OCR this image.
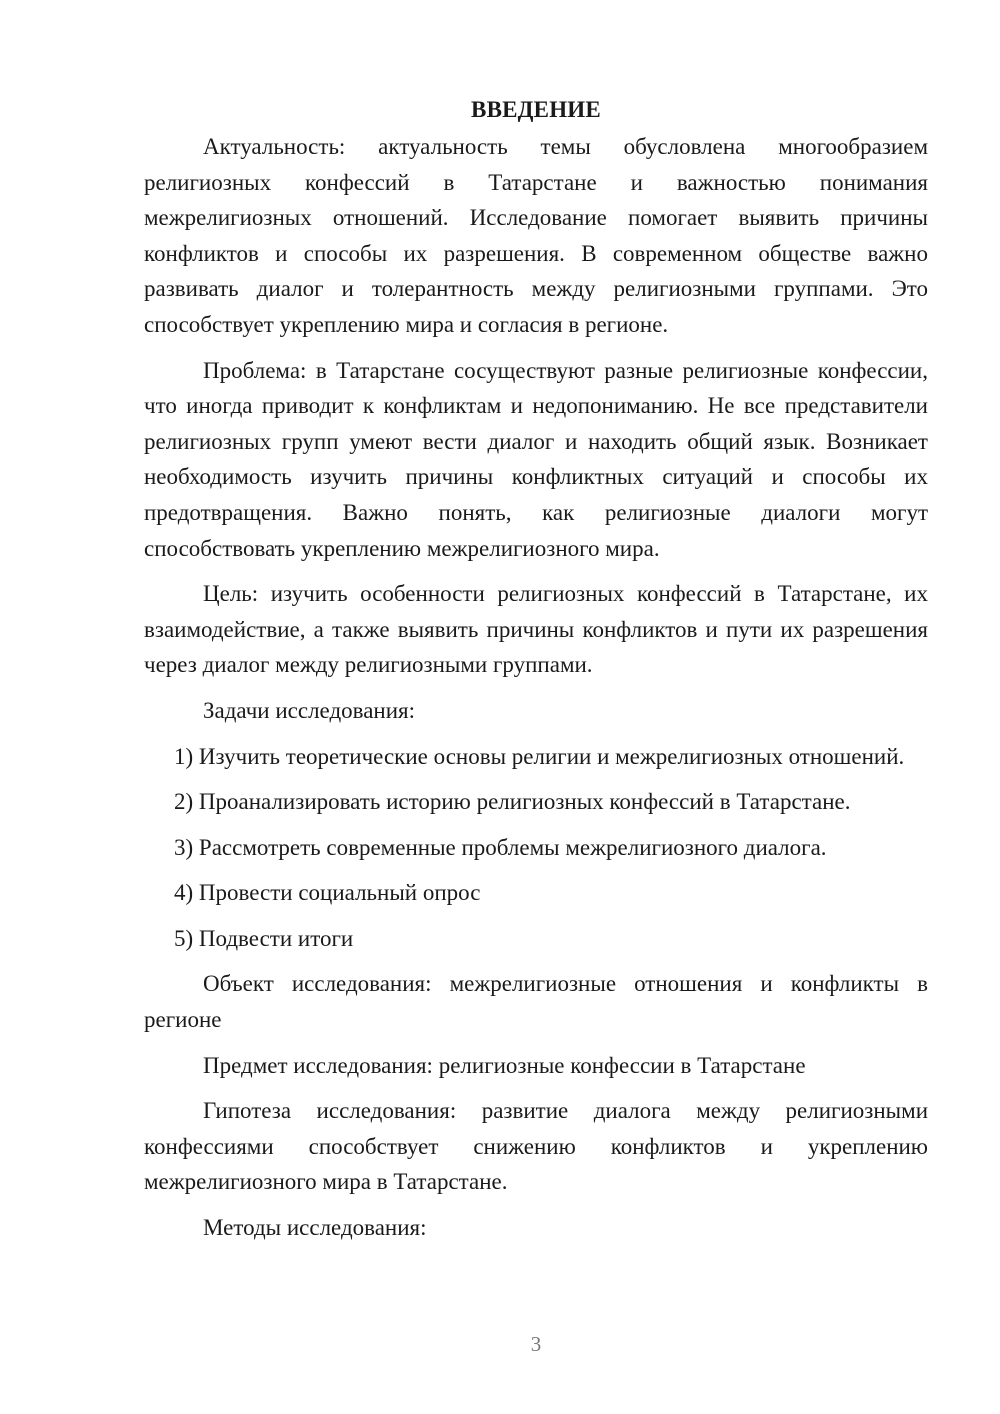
ВВЕДЕНИЕ

Актуальность: актуальность темы обусловлена многообразием религиозных конфессий в Татарстане и важностью понимания межрелигиозных отношений. Исследование помогает выявить причины конфликтов и способы их разрешения. В современном обществе важно развивать диалог и толерантность между религиозными группами. Это способствует укреплению мира и согласия в регионе.

Проблема: в Татарстане сосуществуют разные религиозные конфессии, что иногда приводит к конфликтам и недопониманию. Не все представители религиозных групп умеют вести диалог и находить общий язык. Возникает необходимость изучить причины конфликтных ситуаций и способы их предотвращения. Важно понять, как религиозные диалоги могут способствовать укреплению межрелигиозного мира.

Цель: изучить особенности религиозных конфессий в Татарстане, их взаимодействие, а также выявить причины конфликтов и пути их разрешения через диалог между религиозными группами.

Задачи исследования:

1) Изучить теоретические основы религии и межрелигиозных отношений.

2) Проанализировать историю религиозных конфессий в Татарстане.

3) Рассмотреть современные проблемы межрелигиозного диалога.

4) Провести социальный опрос

5) Подвести итоги

Объект исследования: межрелигиозные отношения и конфликты в регионе

Предмет исследования: религиозные конфессии в Татарстане

Гипотеза исследования: развитие диалога между религиозными конфессиями способствует снижению конфликтов и укреплению межрелигиозного мира в Татарстане.

Методы исследования:

3
